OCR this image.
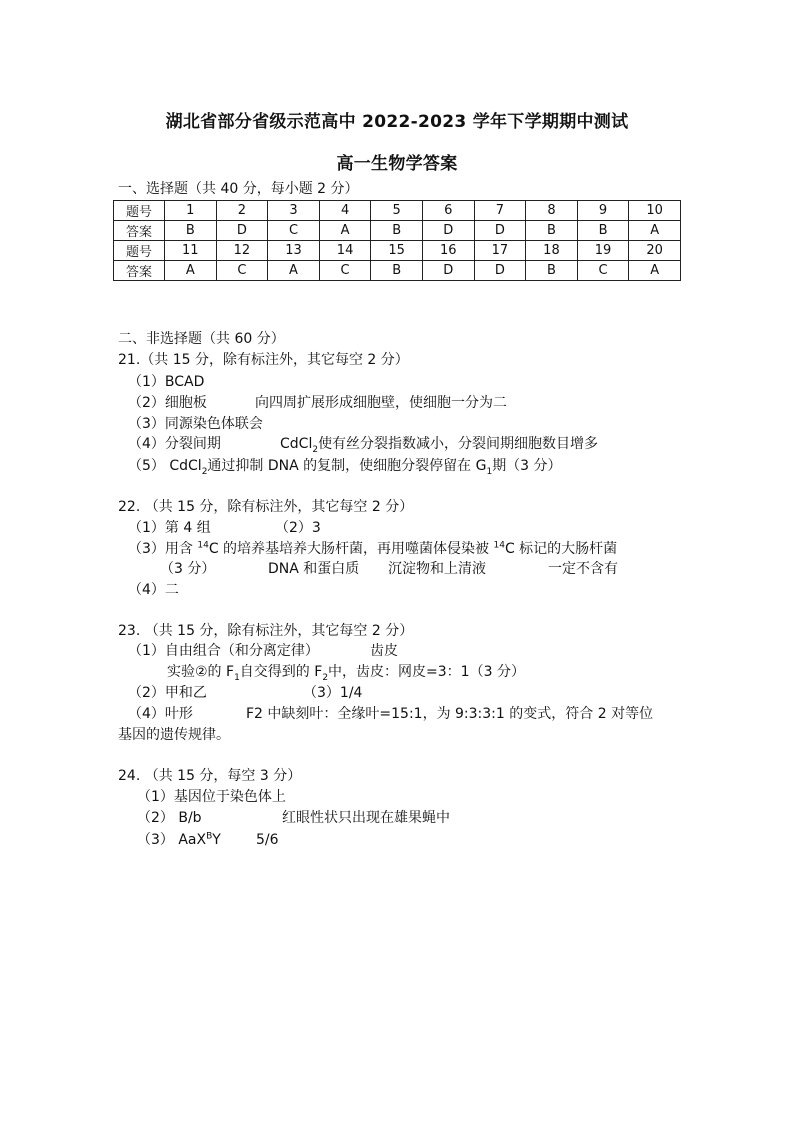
湖北省部分省级示范高中 2022-2023 学年下学期期中测试
高一生物学答案
一、选择题（共 40 分，每小题 2 分）
题号	1	2	3	4	5	6	7	8	9	10
答案	B	D	C	A	B	D	D	B	B	A
题号	11	12	13	14	15	16	17	18	19	20
答案	A	C	A	C	B	D	D	B	C	A
二、非选择题（共 60 分）
21.（共 15 分，除有标注外，其它每空 2 分）
（1）BCAD
（2）细胞板	向四周扩展形成细胞壁，使细胞一分为二
（3）同源染色体联会
（4）分裂间期	CdCl$_2$使有丝分裂指数减小，分裂间期细胞数目增多
（5） CdCl$_2$通过抑制 DNA 的复制，使细胞分裂停留在 $G_1$期（3 分）
22. （共 15 分，除有标注外，其它每空 2 分）
（1）第 4 组	（2）3
（3）用含 $^{14}$C 的培养基培养大肠杆菌，再用噬菌体侵染被 $^{14}$C 标记的大肠杆菌
（3 分）	DNA 和蛋白质 沉淀物和上清液	一定不含有
（4）二
23. （共 15 分，除有标注外，其它每空 2 分）
（1）自由组合（和分离定律）	齿皮
实验②的 $F_1$自交得到的 $F_2$中，齿皮：网皮=3：1（3 分）
（2）甲和乙	（3）1/4
（4）叶形	F2 中缺刻叶：全缘叶=15:1，为 9:3:3:1 的变式，符合 2 对等位
基因的遗传规律。
24. （共 15 分，每空 3 分）
（1）基因位于染色体上
（2） B/b	红眼性状只出现在雄果蝇中
（3） AaX$^B$Y	5/6
